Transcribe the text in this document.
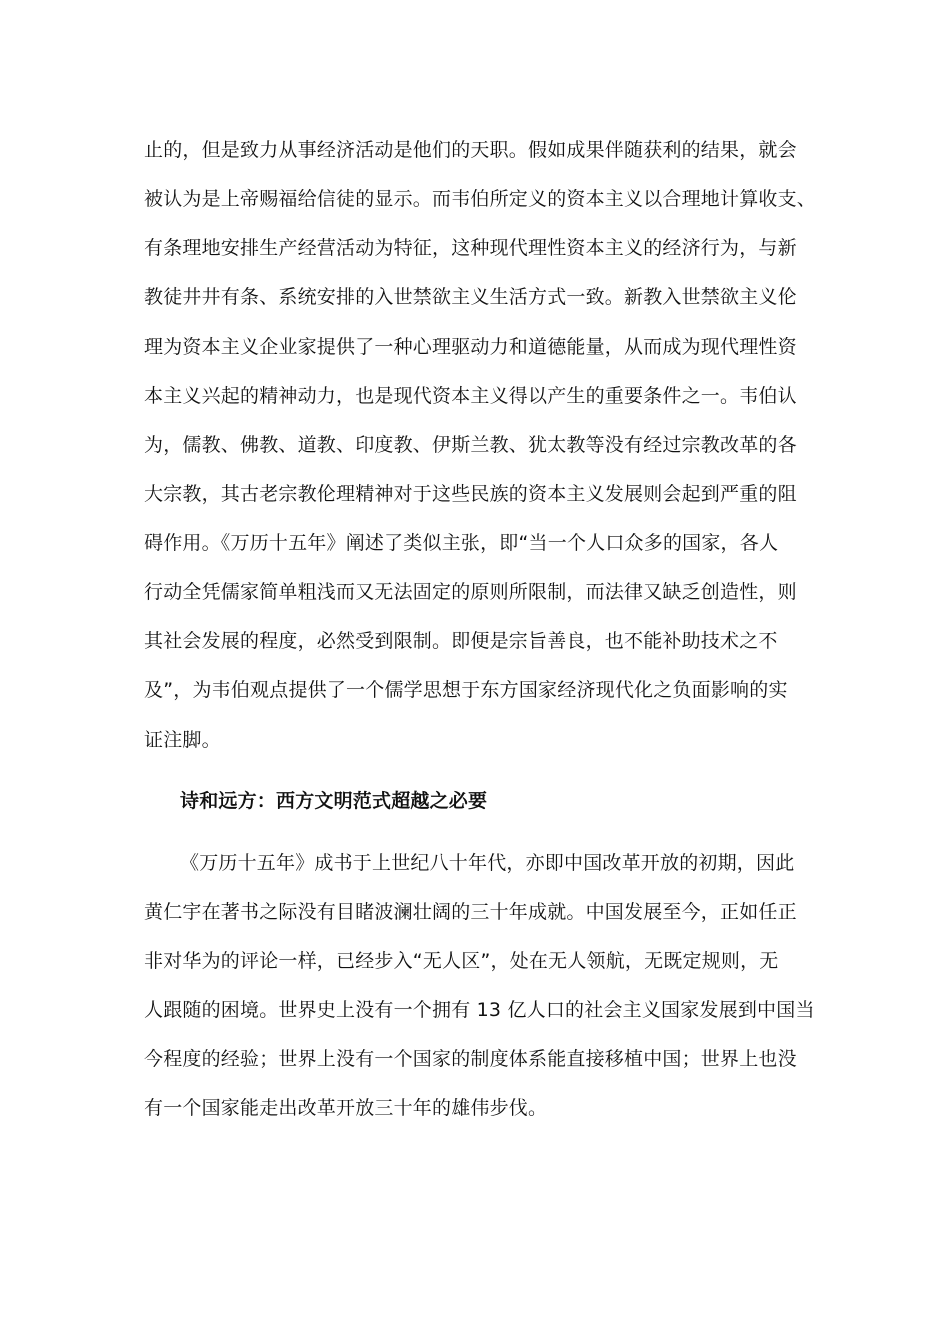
止的，但是致力从事经济活动是他们的天职。假如成果伴随获利的结果，就会
被认为是上帝赐福给信徒的显示。而韦伯所定义的资本主义以合理地计算收支、
有条理地安排生产经营活动为特征，这种现代理性资本主义的经济行为，与新
教徒井井有条、系统安排的入世禁欲主义生活方式一致。新教入世禁欲主义伦
理为资本主义企业家提供了一种心理驱动力和道德能量，从而成为现代理性资
本主义兴起的精神动力，也是现代资本主义得以产生的重要条件之一。韦伯认
为，儒教、佛教、道教、印度教、伊斯兰教、犹太教等没有经过宗教改革的各
大宗教，其古老宗教伦理精神对于这些民族的资本主义发展则会起到严重的阻
碍作用。《万历十五年》阐述了类似主张，即“当一个人口众多的国家，各人
行动全凭儒家简单粗浅而又无法固定的原则所限制，而法律又缺乏创造性，则
其社会发展的程度，必然受到限制。即便是宗旨善良，也不能补助技术之不
及”，为韦伯观点提供了一个儒学思想于东方国家经济现代化之负面影响的实
证注脚。
诗和远方：西方文明范式超越之必要
《万历十五年》成书于上世纪八十年代，亦即中国改革开放的初期，因此
黄仁宇在著书之际没有目睹波澜壮阔的三十年成就。中国发展至今，正如任正
非对华为的评论一样，已经步入“无人区”，处在无人领航，无既定规则，无
人跟随的困境。世界史上没有一个拥有 13 亿人口的社会主义国家发展到中国当
今程度的经验；世界上没有一个国家的制度体系能直接移植中国；世界上也没
有一个国家能走出改革开放三十年的雄伟步伐。
